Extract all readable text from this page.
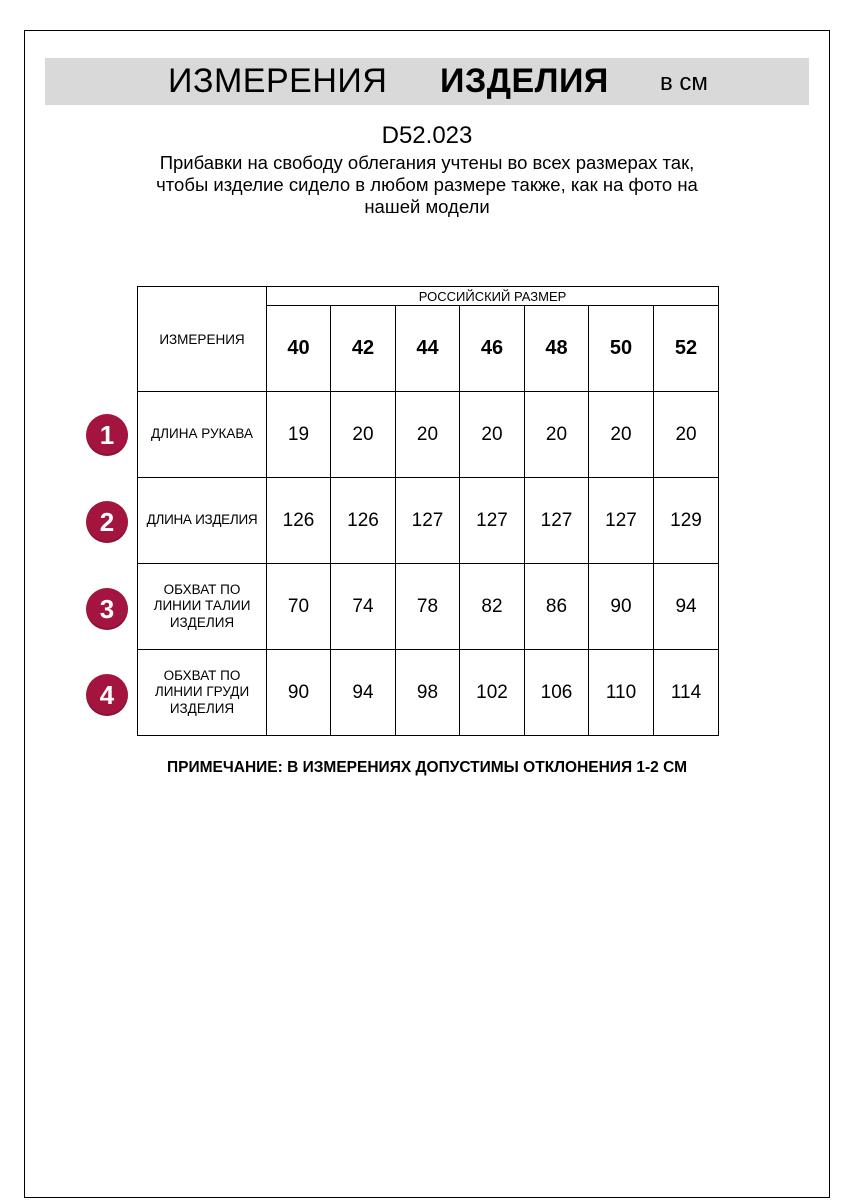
ИЗМЕРЕНИЯ ИЗДЕЛИЯ в см
D52.023
Прибавки на свободу облегания учтены во всех размерах так,
чтобы изделие сидело в любом размере также, как на фото на
нашей модели
ИЗМЕРЕНИЯ	РОССИЙСКИЙ РАЗМЕР						
	40	42	44	46	48	50	52
ДЛИНА РУКАВА	19	20	20	20	20	20	20
ДЛИНА ИЗДЕЛИЯ	126	126	127	127	127	127	129
ОБХВАТ ПО
ЛИНИИ ТАЛИИ
ИЗДЕЛИЯ	70	74	78	82	86	90	94
ОБХВАТ ПО
ЛИНИИ ГРУДИ
ИЗДЕЛИЯ	90	94	98	102	106	110	114
1
2
3
4
ПРИМЕЧАНИЕ: В ИЗМЕРЕНИЯХ ДОПУСТИМЫ ОТКЛОНЕНИЯ 1-2 СМ
